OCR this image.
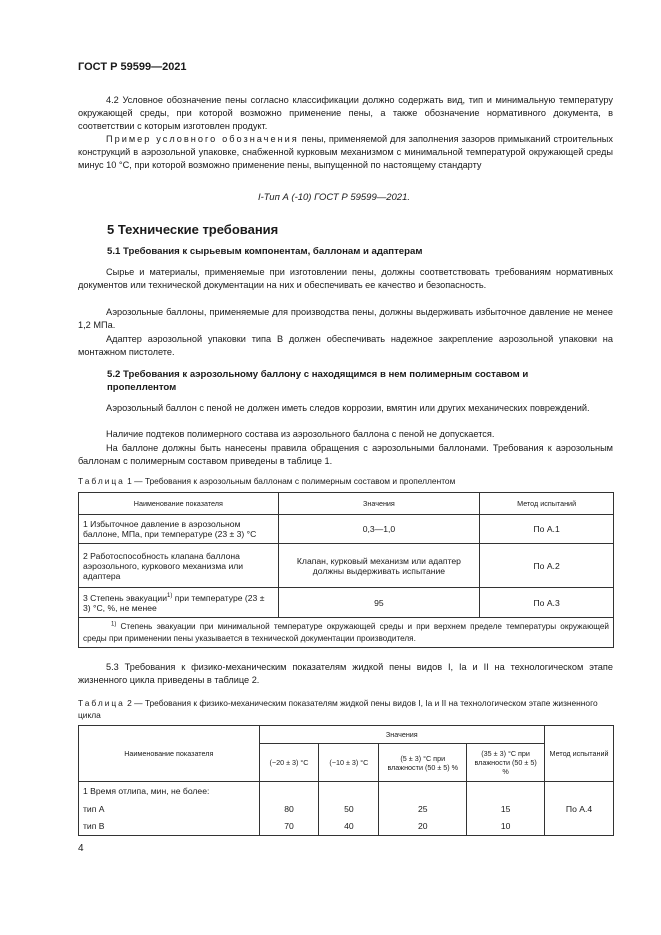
ГОСТ Р 59599—2021
4.2 Условное обозначение пены согласно классификации должно содержать вид, тип и минимальную температуру окружающей среды, при которой возможно применение пены, а также обозначение нормативного документа, в соответствии с которым изготовлен продукт.
Пример условного обозначения пены, применяемой для заполнения зазоров примыканий строительных конструкций в аэрозольной упаковке, снабженной курковым механизмом с минимальной температурой окружающей среды минус 10 °С, при которой возможно применение пены, выпущенной по настоящему стандарту
I-Тип А (-10) ГОСТ Р 59599—2021.
5 Технические требования
5.1 Требования к сырьевым компонентам, баллонам и адаптерам
Сырье и материалы, применяемые при изготовлении пены, должны соответствовать требованиям нормативных документов или технической документации на них и обеспечивать ее качество и безопасность.
Аэрозольные баллоны, применяемые для производства пены, должны выдерживать избыточное давление не менее 1,2 МПа.
Адаптер аэрозольной упаковки типа В должен обеспечивать надежное закрепление аэрозольной упаковки на монтажном пистолете.
5.2 Требования к аэрозольному баллону с находящимся в нем полимерным составом и пропеллентом
Аэрозольный баллон с пеной не должен иметь следов коррозии, вмятин или других механических повреждений.
Наличие подтеков полимерного состава из аэрозольного баллона с пеной не допускается.
На баллоне должны быть нанесены правила обращения с аэрозольными баллонами. Требования к аэрозольным баллонам с полимерным составом приведены в таблице 1.
Таблица 1 — Требования к аэрозольным баллонам с полимерным составом и пропеллентом
Наименование показателя	Значения	Метод испытаний
1 Избыточное давление в аэрозольном баллоне, МПа, при температуре (23 ± 3) °С	0,3—1,0	По А.1
2 Работоспособность клапана баллона аэрозольного, куркового механизма или адаптера	Клапан, курковый механизм или адаптер должны выдерживать испытание	По А.2
3 Степень эвакуации$^{1)}$ при температуре (23 ± 3) °С, %, не менее	95	По А.3
$^{1)}$ Степень эвакуации при минимальной температуре окружающей среды и при верхнем пределе температуры окружающей среды при применении пены указывается в технической документации производителя.		
5.3 Требования к физико-механическим показателям жидкой пены видов I, Ia и II на технологическом этапе жизненного цикла приведены в таблице 2.
Таблица 2 — Требования к физико-механическим показателям жидкой пены видов I, Ia и II на технологическом этапе жизненного цикла
Наименование показателя	Значения				Метод испытаний
	(−20 ± 3) °С	(−10 ± 3) °С	(5 ± 3) °С при влажности (50 ± 5) %	(35 ± 3) °С при влажности (50 ± 5) %	
1 Время отлипа, мин, не более:					По А.4
тип А	80	50	25	15	
тип В	70	40	20	10	
4
